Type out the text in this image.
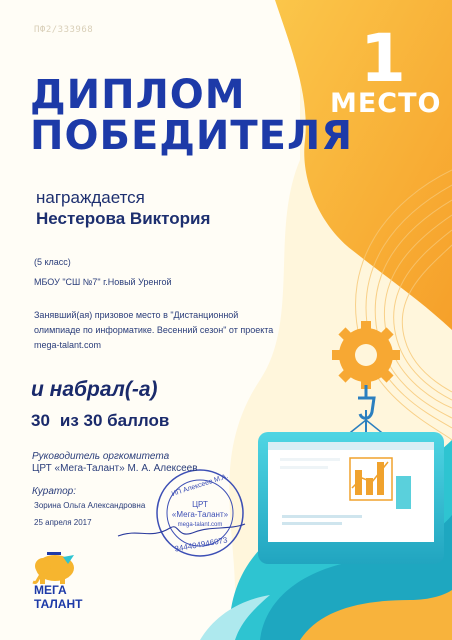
ПФ2/333968
ДИПЛОМ
ПОБЕДИТЕЛЯ
1
МЕСТО
награждается
Нестерова Виктория
(5 класс)
МБОУ "СШ №7" г.Новый Уренгой
Занявший(ая) призовое место в "Дистанционной олимпиаде по информатике. Весенний сезон" от проекта mega-talant.com
и набрал(-а)
30 из 30 баллов
Руководитель оргкомитета
ЦРТ «Мега-Талант» М. А. Алексеев
Куратор:
Зорина Ольга Александровна
25 апреля 2017
ИП Алексеев М.А.
ЦРТ
«Мега-Талант»
mega-talant.com
344404946073
МЕГА
ТАЛАНТ
